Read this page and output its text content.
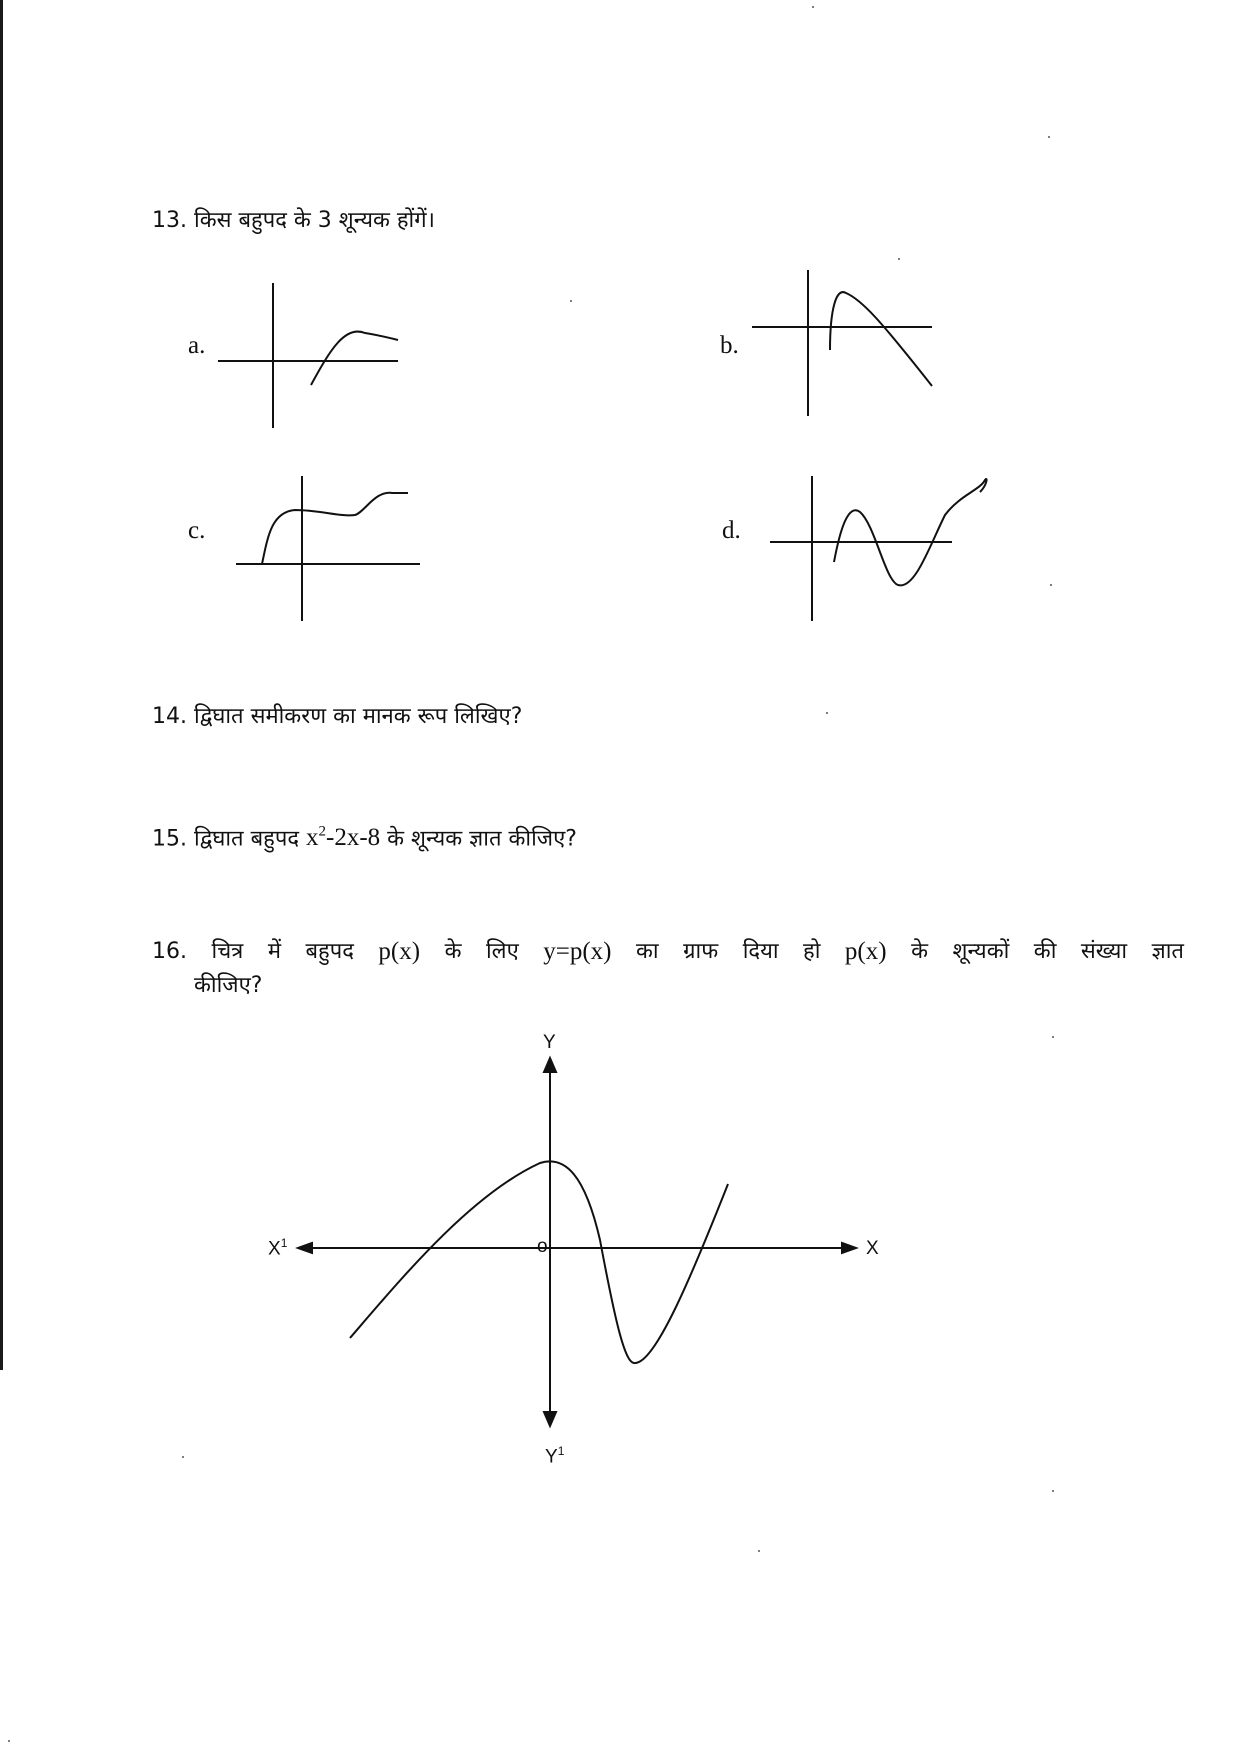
13. किस बहुपद के 3 शून्यक होंगें।
a.	b.
c.	d.
14. द्विघात समीकरण का मानक रूप लिखिए?
15. द्विघात बहुपद $x^2-2x-8$ के शून्यक ज्ञात कीजिए?
16. चित्र में बहुपद p(x) के लिए y=p(x) का ग्राफ दिया हो p(x) के शून्यकों की संख्या ज्ञात
कीजिए?
Y
$Y^1$
X
$X^1$	o
